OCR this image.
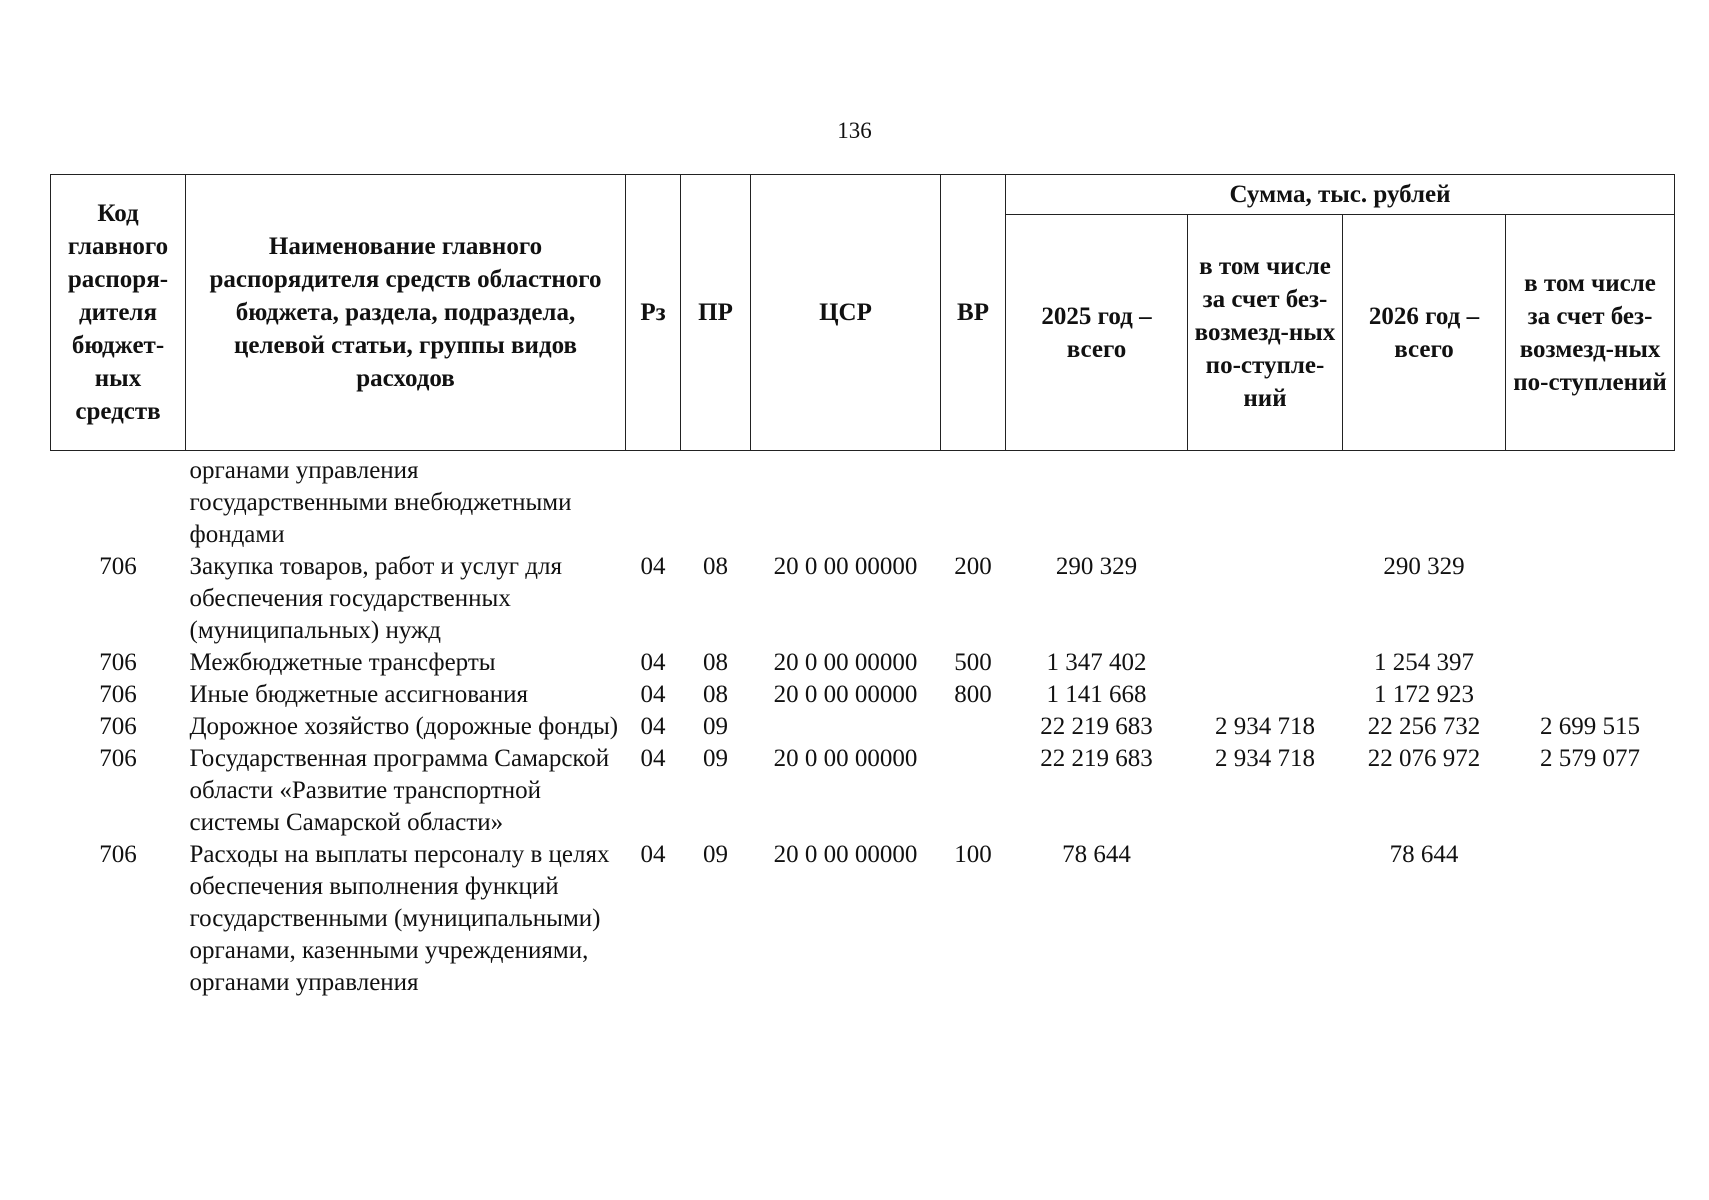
136
Код главного распоря-дителя бюджет-ных средств	Наименование главного распорядителя средств областного бюджета, раздела, подраздела, целевой статьи, группы видов расходов	Рз	ПР	ЦСР	ВР	Сумма, тыс. рублей			
						2025 год – всего	в том числе за счет без-возмезд-ных по-ступле-ний	2026 год – всего	в том числе за счет без-возмезд-ных по-ступлений
	органами управления государственными внебюджетными фондами								
706	Закупка товаров, работ и услуг для обеспечения государственных (муниципальных) нужд	04	08	20 0 00 00000	200	290 329		290 329	
706	Межбюджетные трансферты	04	08	20 0 00 00000	500	1 347 402		1 254 397	
706	Иные бюджетные ассигнования	04	08	20 0 00 00000	800	1 141 668		1 172 923	
706	Дорожное хозяйство (дорожные фонды)	04	09			22 219 683	2 934 718	22 256 732	2 699 515
706	Государственная программа Самарской области «Развитие транспортной системы Самарской области»	04	09	20 0 00 00000		22 219 683	2 934 718	22 076 972	2 579 077
706	Расходы на выплаты персоналу в целях обеспечения выполнения функций государственными (муниципальными) органами, казенными учреждениями, органами управления	04	09	20 0 00 00000	100	78 644		78 644	
